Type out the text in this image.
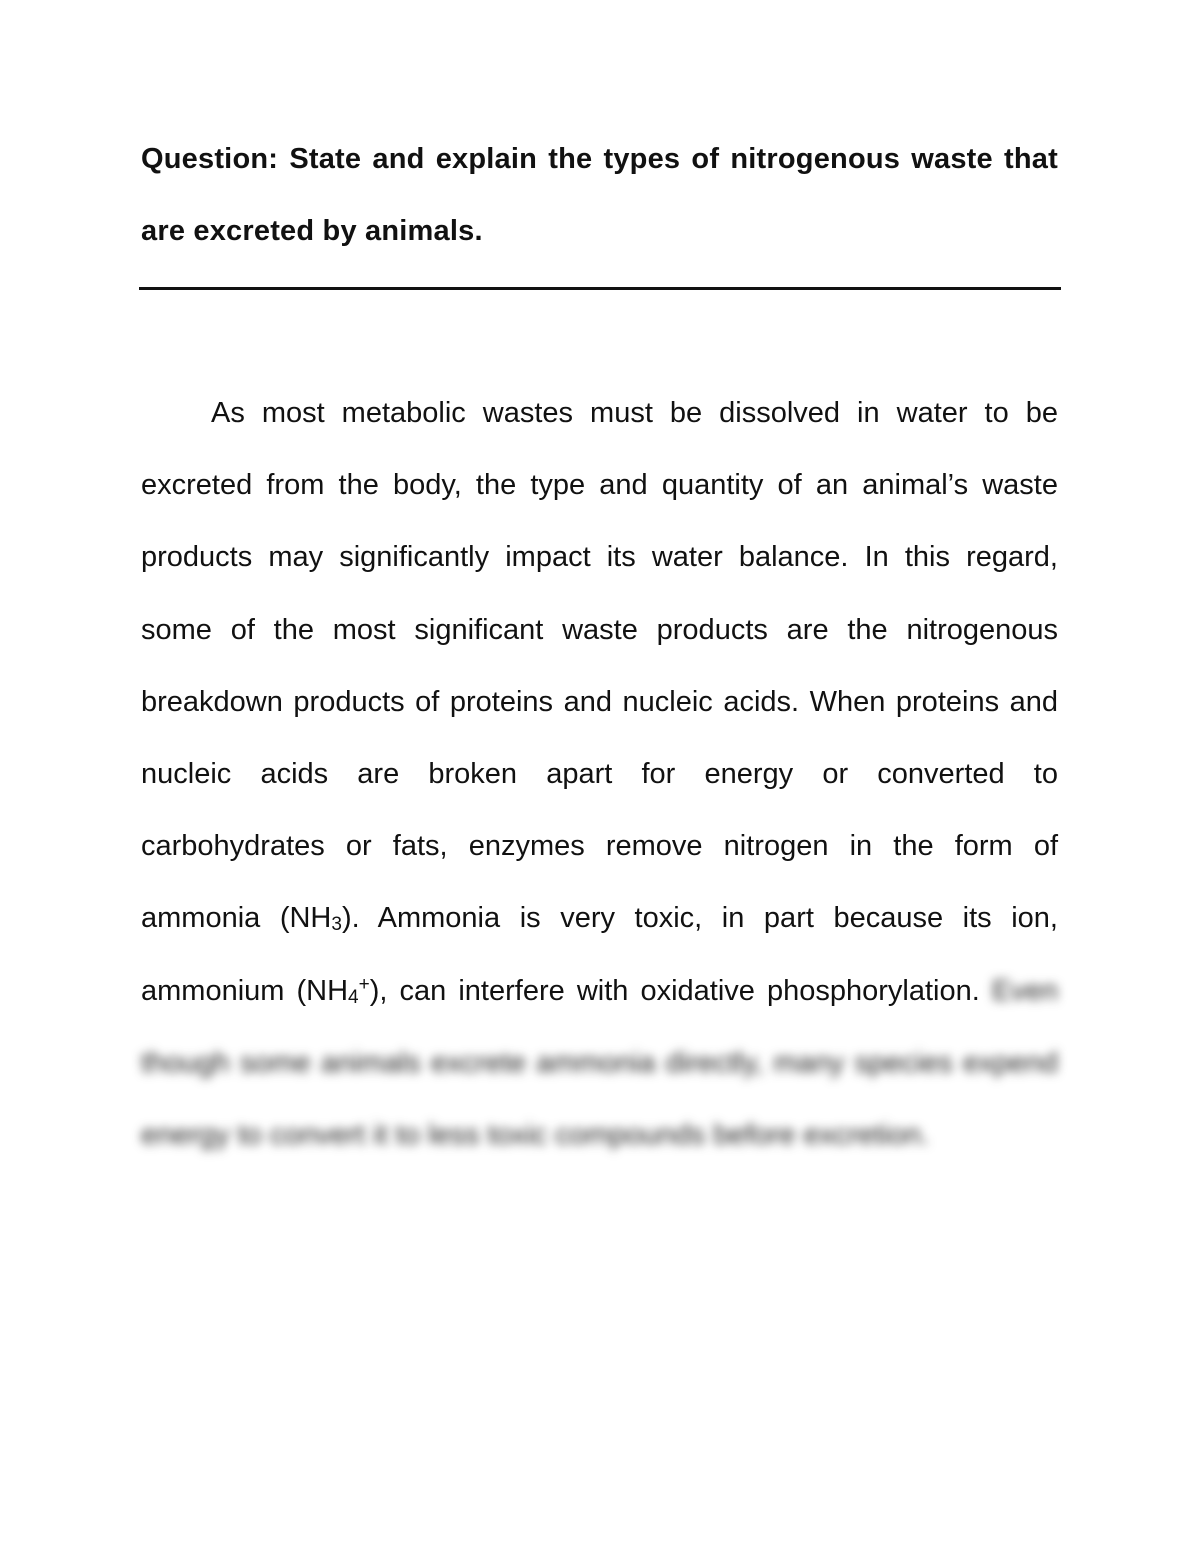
Question: State and explain the types of nitrogenous waste that are excreted by animals.

As most metabolic wastes must be dissolved in water to be excreted from the body, the type and quantity of an animal’s waste products may significantly impact its water balance. In this regard, some of the most significant waste products are the nitrogenous breakdown products of proteins and nucleic acids. When proteins and nucleic acids are broken apart for energy or converted to carbohydrates or fats, enzymes remove nitrogen in the form of ammonia $(NH_3)$. Ammonia is very toxic, in part because its ion, ammonium $(NH_4^+)$, can interfere with oxidative phosphorylation. Even though some animals excrete ammonia directly, many species expend energy to convert it to less toxic compounds before excretion.
